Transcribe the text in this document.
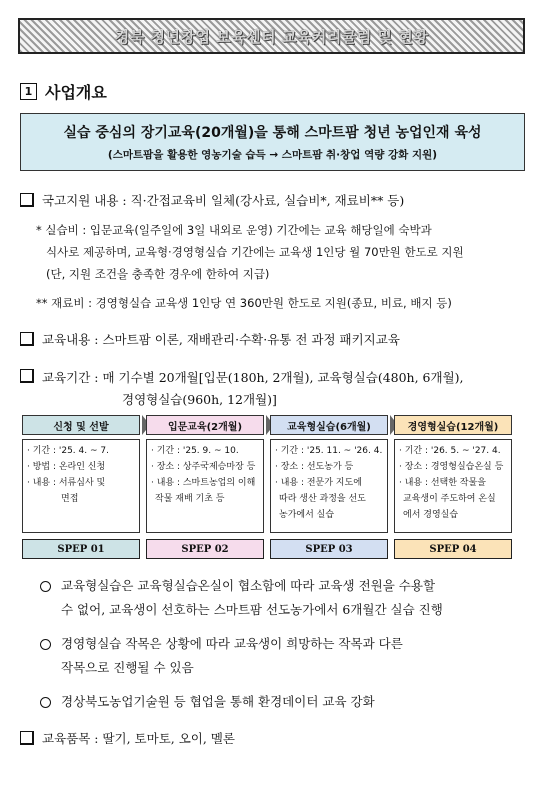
경북 청년창업 보육센터 교육커리큘럼 및 현황
1 사업개요
실습 중심의 장기교육(20개월)을 통해 스마트팜 청년 농업인재 육성
(스마트팜을 활용한 영농기술 습득 → 스마트팜 취·창업 역량 강화 지원)
국고지원 내용 : 직·간접교육비 일체(강사료, 실습비*, 재료비** 등)
* 실습비 : 입문교육(일주일에 3일 내외로 운영) 기간에는 교육 해당일에 숙박과
식사로 제공하며, 교육형·경영형실습 기간에는 교육생 1인당 월 70만원 한도로 지원
(단, 지원 조건을 충족한 경우에 한하여 지급)
** 재료비 : 경영형실습 교육생 1인당 연 360만원 한도로 지원(종묘, 비료, 배지 등)
교육내용 : 스마트팜 이론, 재배관리·수확·유통 전 과정 패키지교육
교육기간 : 매 기수별 20개월[입문(180h, 2개월), 교육형실습(480h, 6개월),
경영형실습(960h, 12개월)]
신청 및 선발
· 기간 : '25. 4. ~ 7.
· 방법 : 온라인 신청
· 내용 : 서류심사 및
면접
SPEP 01
입문교육(2개월)
· 기간 : '25. 9. ~ 10.
· 장소 : 상주국제승마장 등
· 내용 : 스마트농업의 이해
작물 재배 기초 등
SPEP 02
교육형실습(6개월)
· 기간 : '25. 11. ~ '26. 4.
· 장소 : 선도농가 등
· 내용 : 전문가 지도에
따라 생산 과정을 선도
농가에서 실습
SPEP 03
경영형실습(12개월)
· 기간 : '26. 5. ~ '27. 4.
· 장소 : 경영형실습온실 등
· 내용 : 선택한 작물을
교육생이 주도하여 온실
에서 경영실습
SPEP 04
교육형실습은 교육형실습온실이 협소함에 따라 교육생 전원을 수용할
수 없어, 교육생이 선호하는 스마트팜 선도농가에서 6개월간 실습 진행
경영형실습 작목은 상황에 따라 교육생이 희망하는 작목과 다른
작목으로 진행될 수 있음
경상북도농업기술원 등 협업을 통해 환경데이터 교육 강화
교육품목 : 딸기, 토마토, 오이, 멜론
